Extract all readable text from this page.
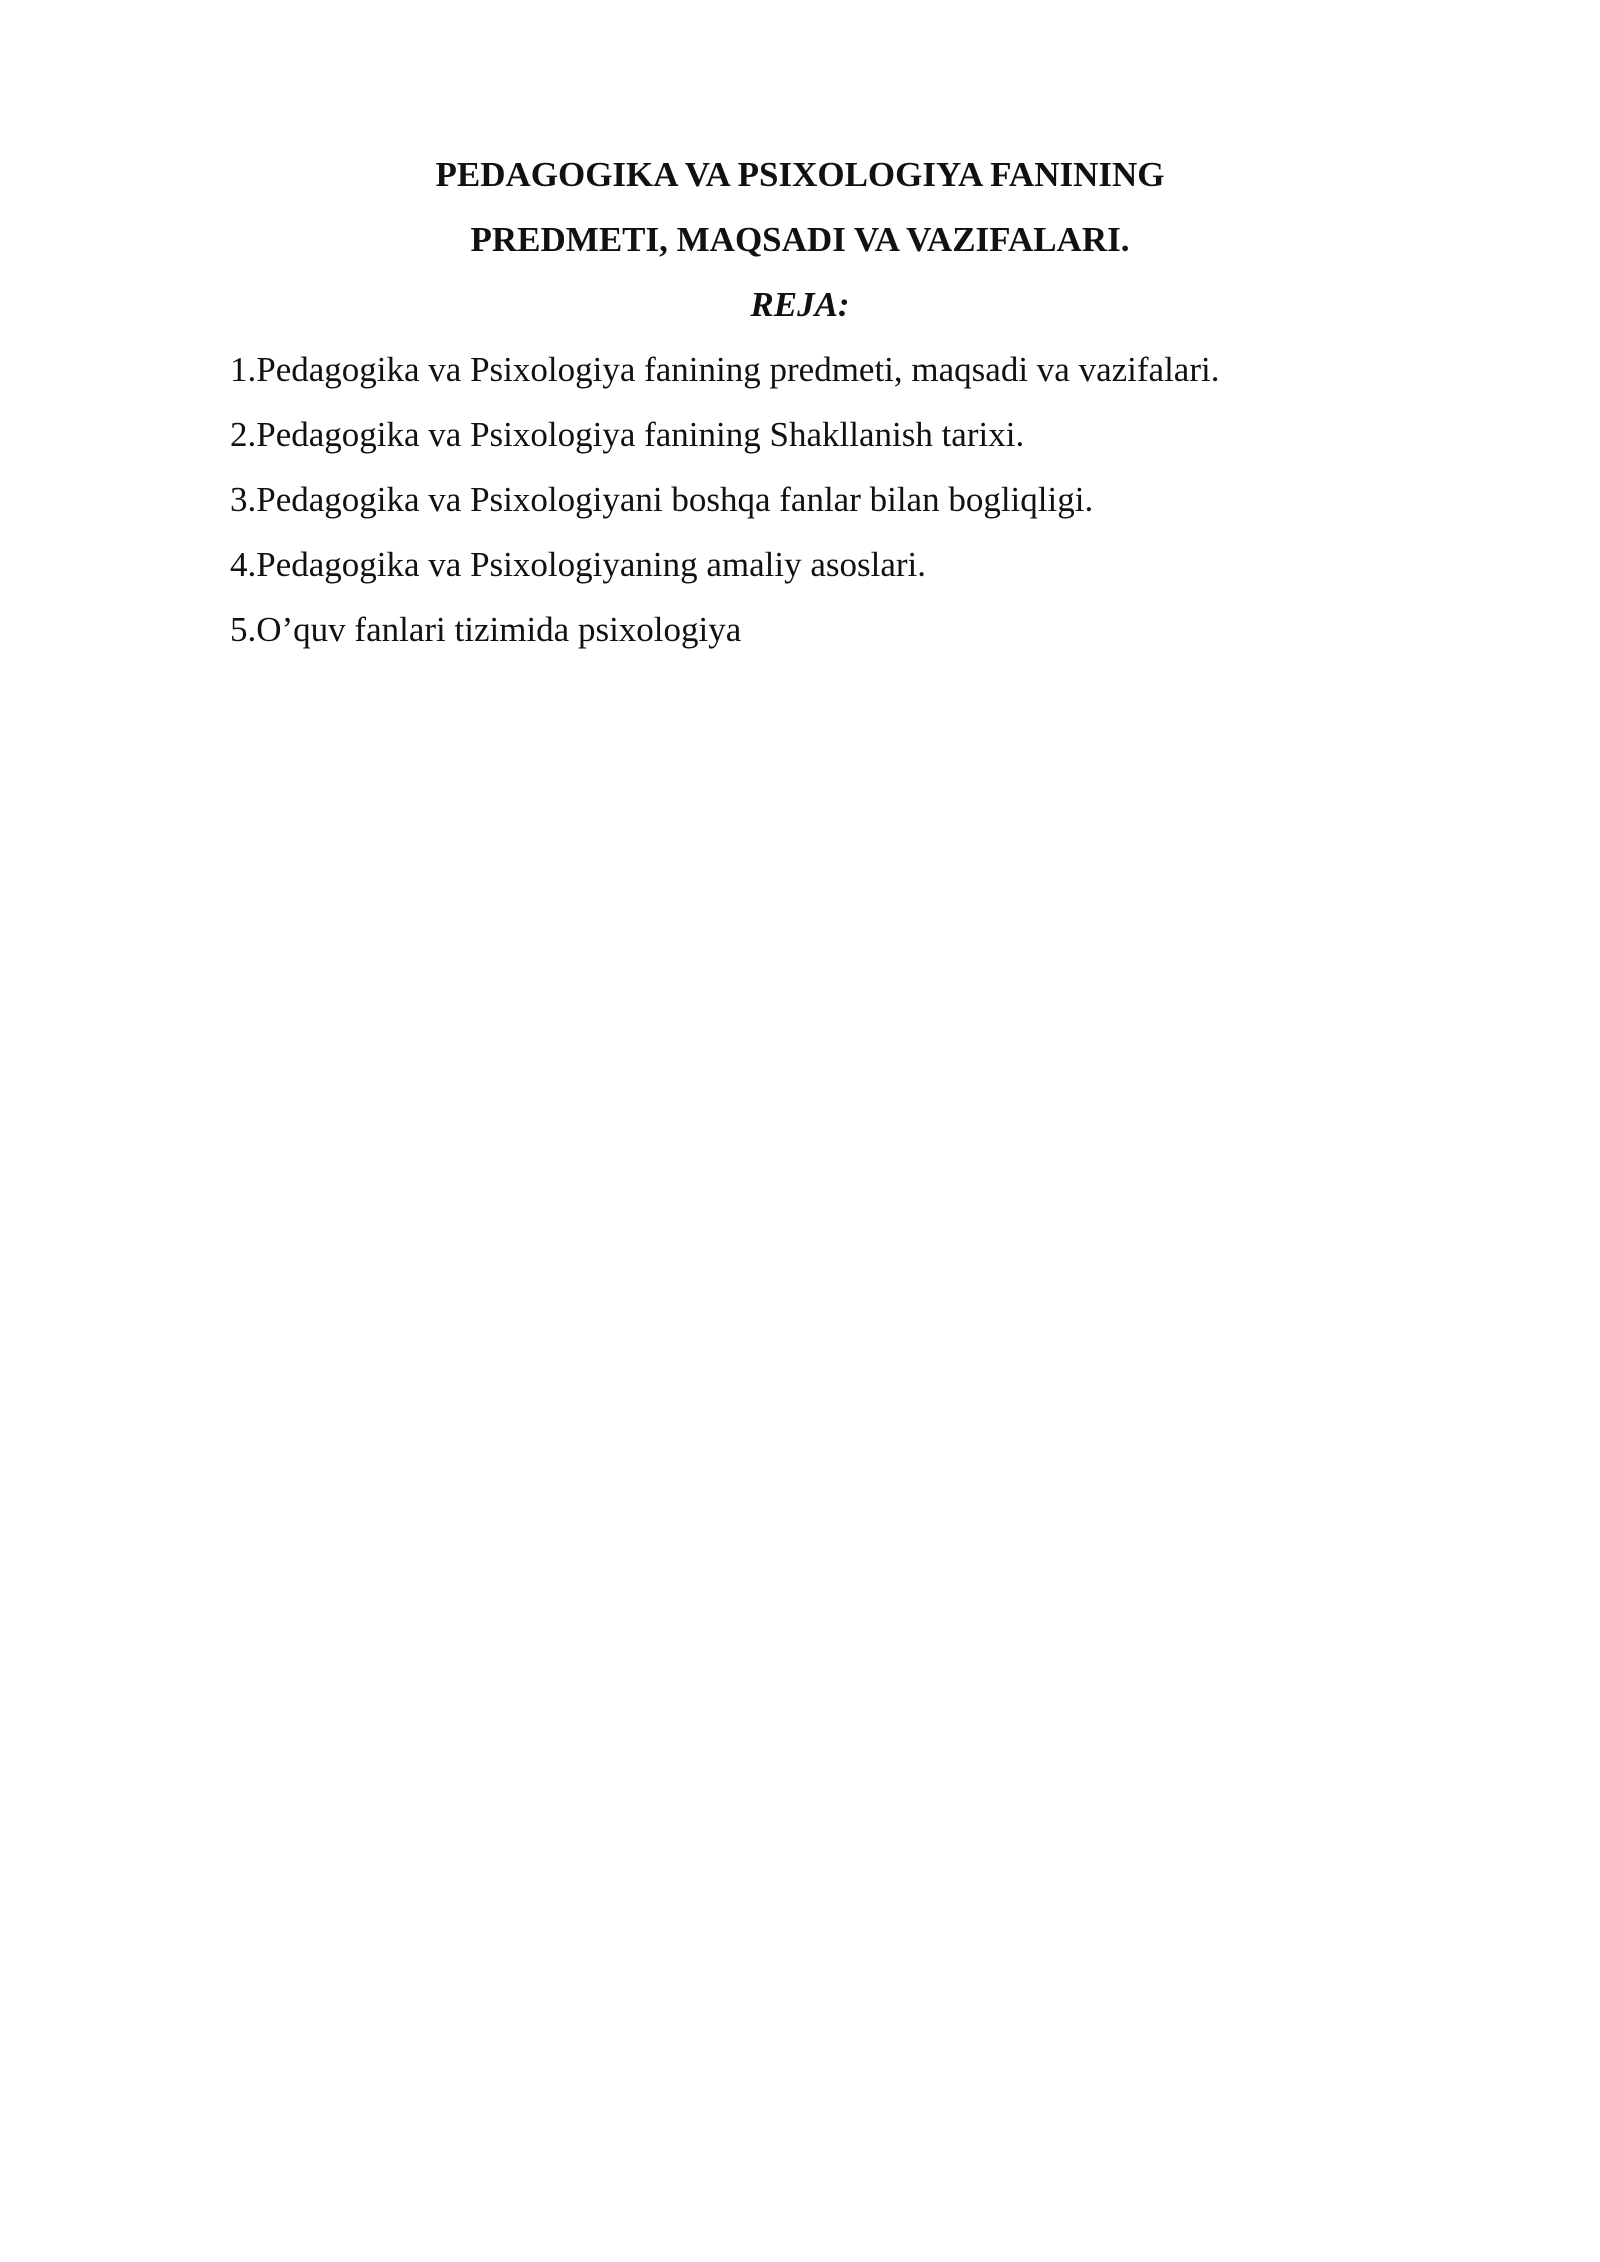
PEDAGOGIKA VA PSIXOLOGIYA FANINING
PREDMETI, MAQSADI VA VAZIFALARI.
REJA:
1.Pedagogika va Psixologiya fanining predmeti, maqsadi va vazifalari.
2.Pedagogika va Psixologiya fanining Shakllanish tarixi.
3.Pedagogika va Psixologiyani boshqa fanlar bilan bogliqligi.
4.Pedagogika va Psixologiyaning amaliy asoslari.
5.O’quv fanlari tizimida psixologiya
